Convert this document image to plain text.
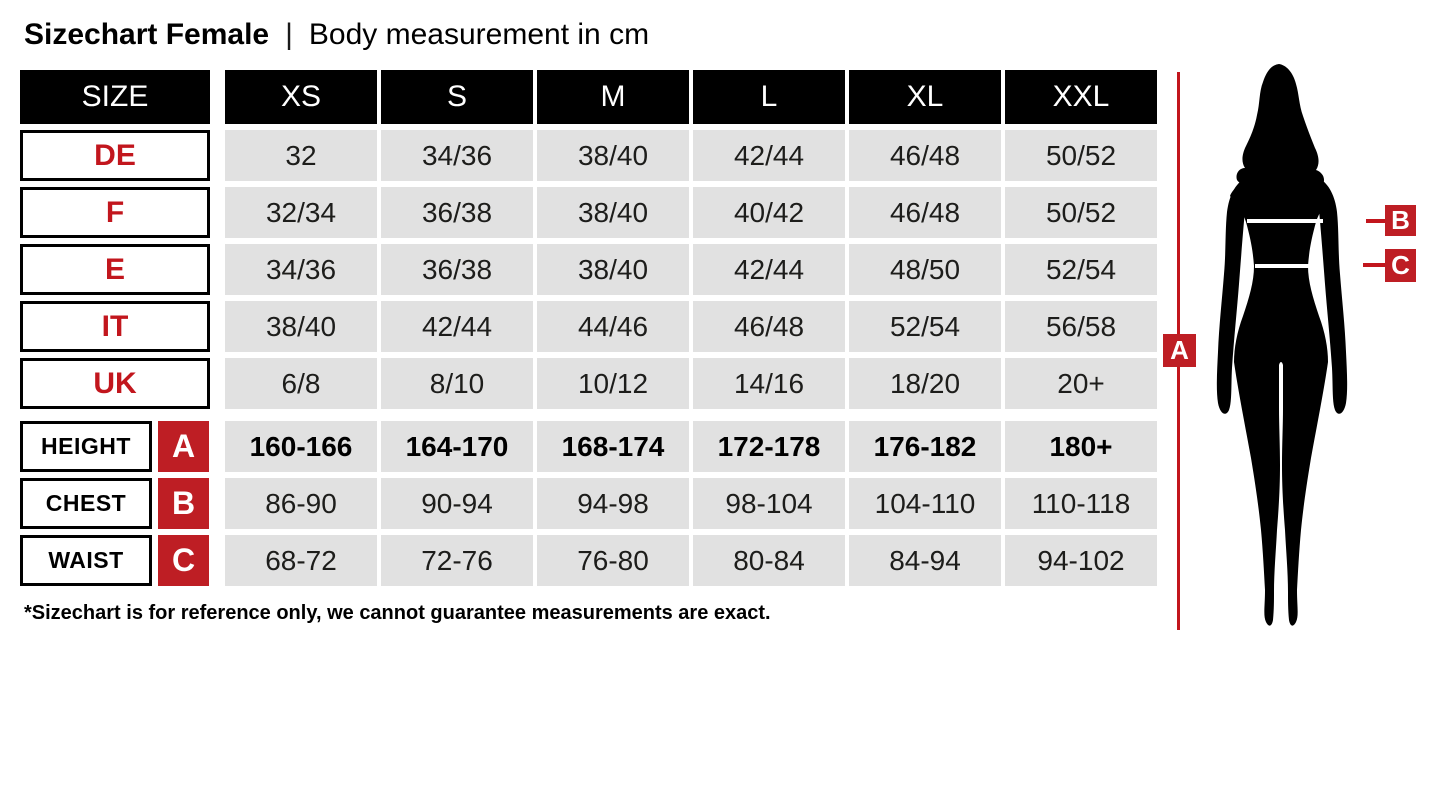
Sizechart Female | Body measurement in cm
SIZE	XS	S	M	L	XL	XXL
DE	32	34/36	38/40	42/44	46/48	50/52
F	32/34	36/38	38/40	40/42	46/48	50/52
E	34/36	36/38	38/40	42/44	48/50	52/54
IT	38/40	42/44	44/46	46/48	52/54	56/58
UK	6/8	8/10	10/12	14/16	18/20	20+
HEIGHT	A	160-166	164-170	168-174	172-178	176-182	180+
CHEST	B	86-90	90-94	94-98	98-104	104-110	110-118
WAIST	C	68-72	72-76	76-80	80-84	84-94	94-102
*Sizechart is for reference only, we cannot guarantee measurements are exact.
A
B
C
